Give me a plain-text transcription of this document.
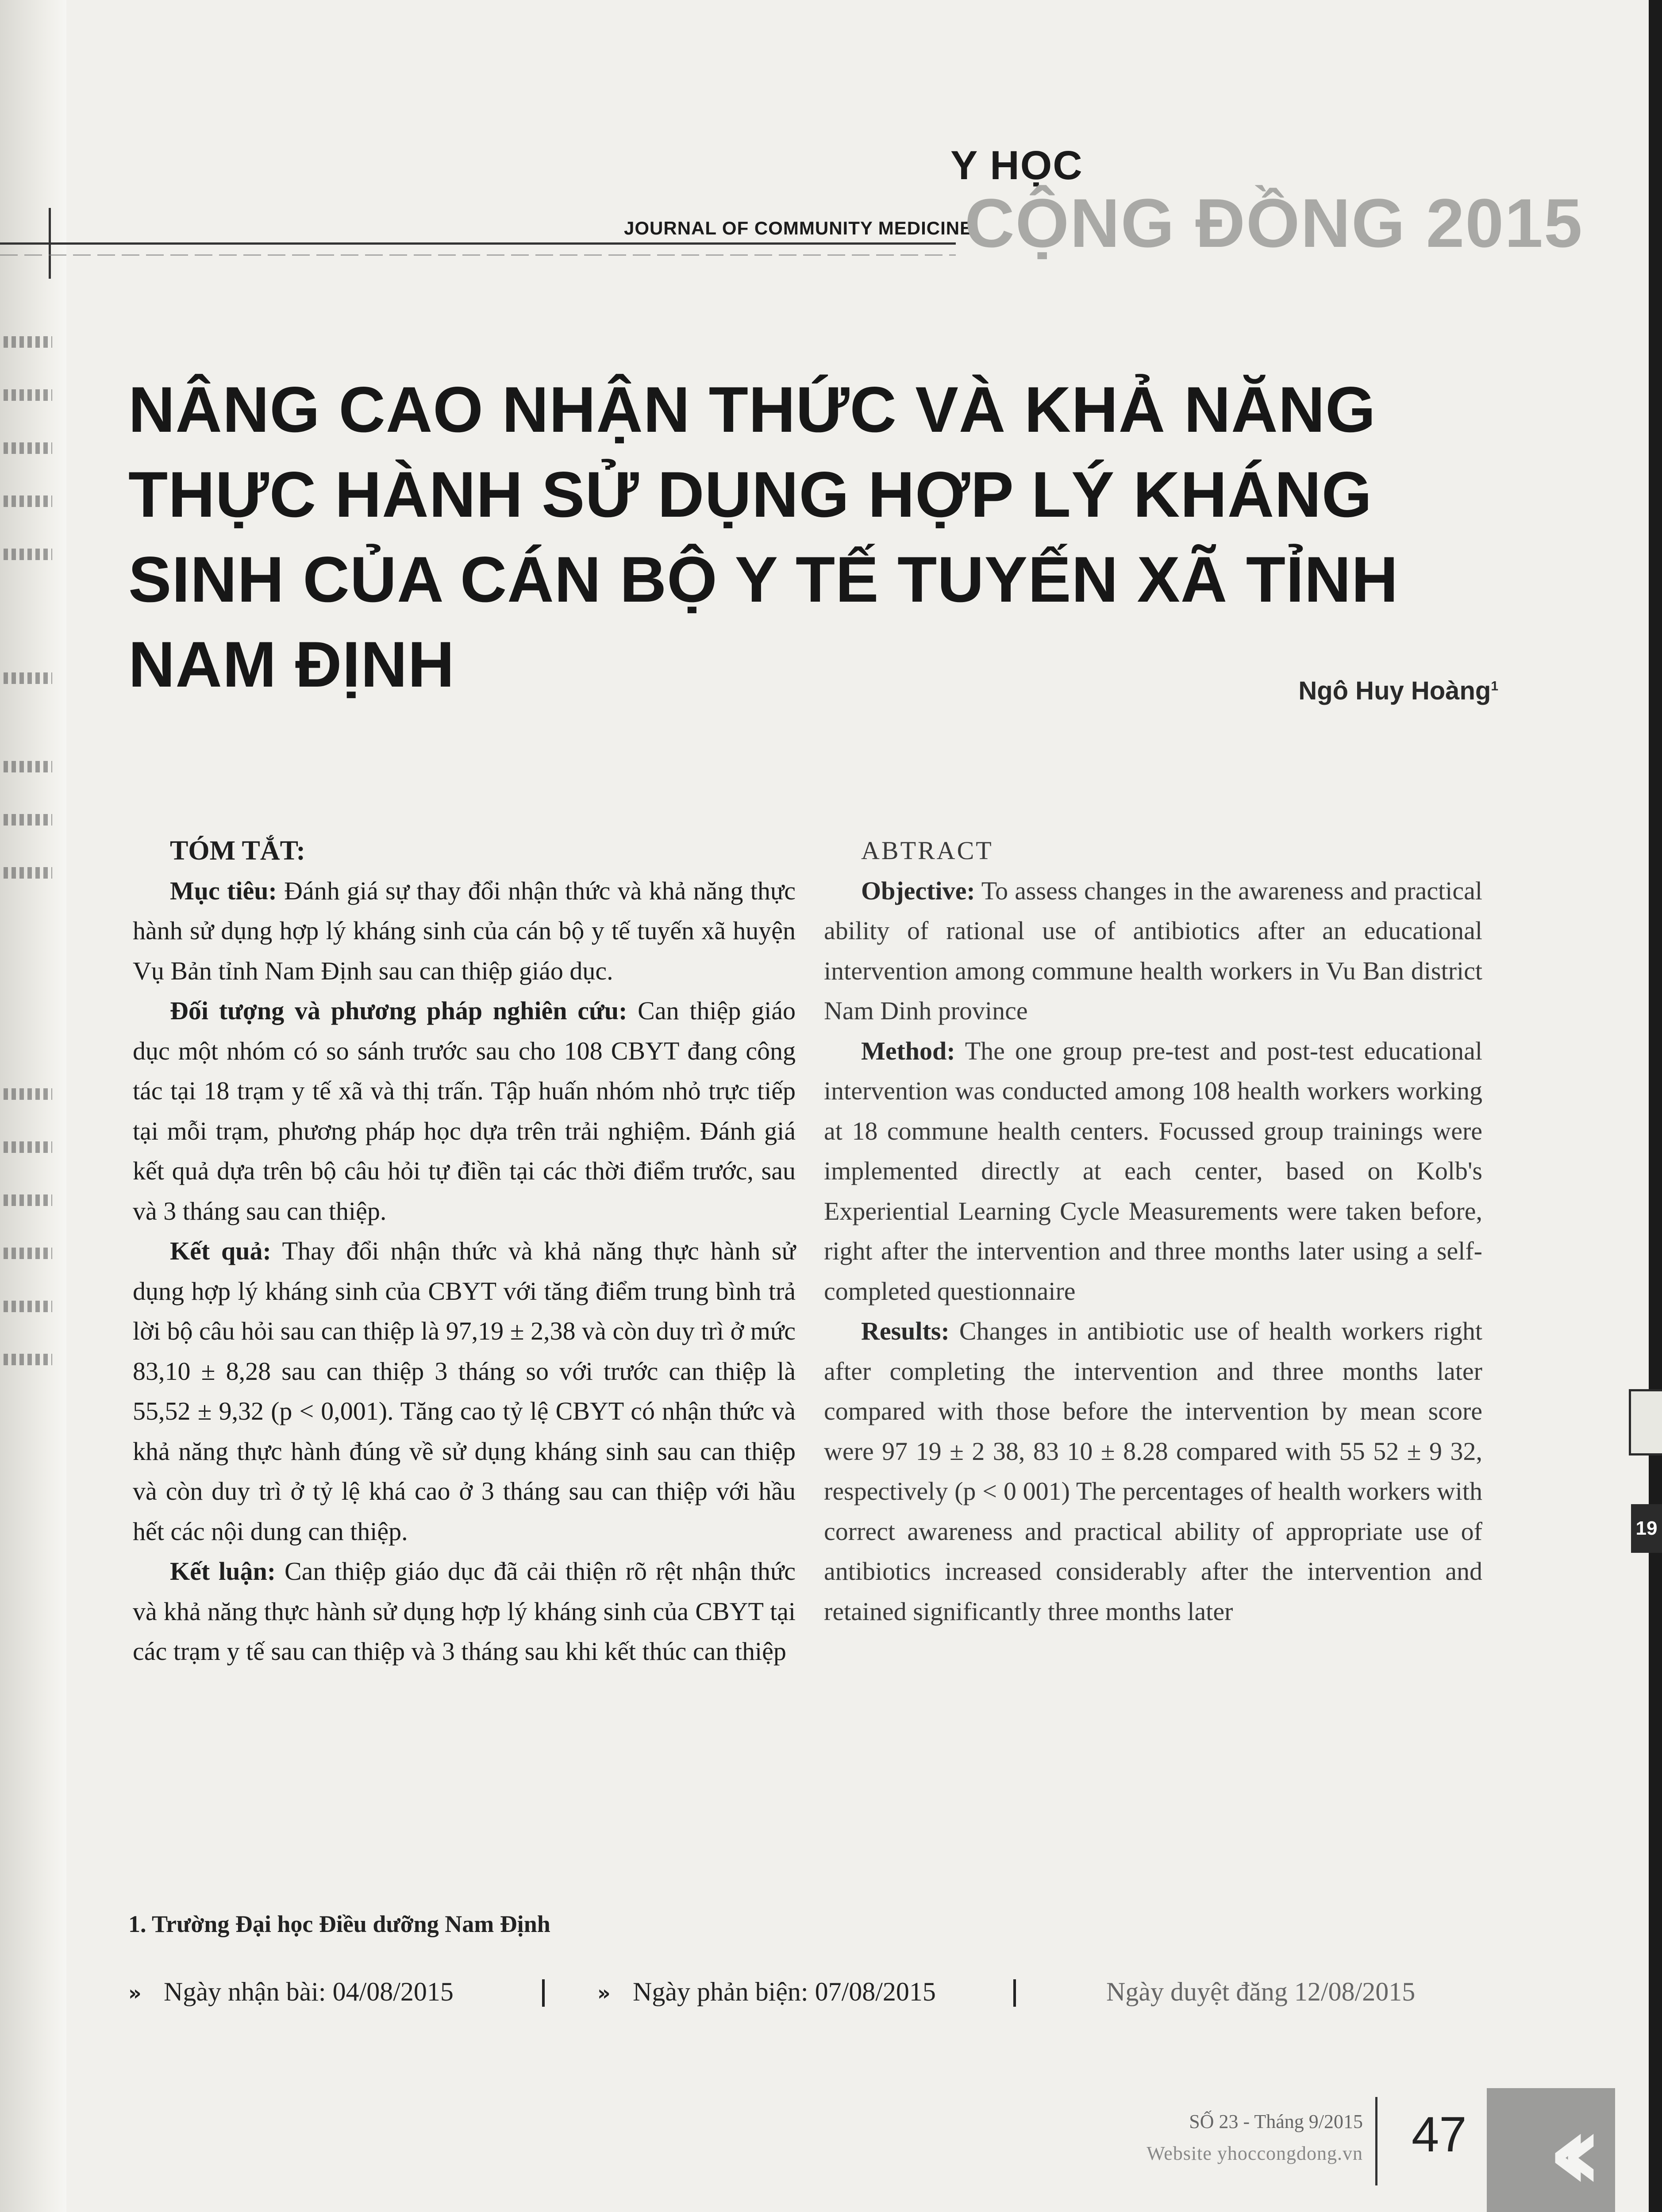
19
Y HỌC
JOURNAL OF COMMUNITY MEDICINE
CỘNG ĐỒNG 2015
NÂNG CAO NHẬN THỨC VÀ KHẢ NĂNG THỰC HÀNH SỬ DỤNG HỢP LÝ KHÁNG SINH CỦA CÁN BỘ Y TẾ TUYẾN XÃ TỈNH NAM ĐỊNH	Ngô Huy Hoàng$^1$

TÓM TẮT:

Mục tiêu: Đánh giá sự thay đổi nhận thức và khả năng thực hành sử dụng hợp lý kháng sinh của cán bộ y tế tuyến xã huyện Vụ Bản tỉnh Nam Định sau can thiệp giáo dục.

Đối tượng và phương pháp nghiên cứu: Can thiệp giáo dục một nhóm có so sánh trước sau cho 108 CBYT đang công tác tại 18 trạm y tế xã và thị trấn. Tập huấn nhóm nhỏ trực tiếp tại mỗi trạm, phương pháp học dựa trên trải nghiệm. Đánh giá kết quả dựa trên bộ câu hỏi tự điền tại các thời điểm trước, sau và 3 tháng sau can thiệp.

Kết quả: Thay đổi nhận thức và khả năng thực hành sử dụng hợp lý kháng sinh của CBYT với tăng điểm trung bình trả lời bộ câu hỏi sau can thiệp là 97,19 ± 2,38 và còn duy trì ở mức 83,10 ± 8,28 sau can thiệp 3 tháng so với trước can thiệp là 55,52 ± 9,32 (p < 0,001). Tăng cao tỷ lệ CBYT có nhận thức và khả năng thực hành đúng về sử dụng kháng sinh sau can thiệp và còn duy trì ở tỷ lệ khá cao ở 3 tháng sau can thiệp với hầu hết các nội dung can thiệp.

Kết luận: Can thiệp giáo dục đã cải thiện rõ rệt nhận thức và khả năng thực hành sử dụng hợp lý kháng sinh của CBYT tại các trạm y tế sau can thiệp và 3 tháng sau khi kết thúc can thiệp

ABTRACT

Objective: To assess changes in the awareness and practical ability of rational use of antibiotics after an educational intervention among commune health workers in Vu Ban district Nam Dinh province

Method: The one group pre-test and post-test educational intervention was conducted among 108 health workers working at 18 commune health centers. Focussed group trainings were implemented directly at each center, based on Kolb's Experiential Learning Cycle Measurements were taken before, right after the intervention and three months later using a self-completed questionnaire

Results: Changes in antibiotic use of health workers right after completing the intervention and three months later compared with those before the intervention by mean score were 97 19 ± 2 38, 83 10 ± 8.28 compared with 55 52 ± 9 32, respectively (p < 0 001) The percentages of health workers with correct awareness and practical ability of appropriate use of antibiotics increased considerably after the intervention and retained significantly three months later

1. Trường Đại học Điều dưỡng Nam Định
» Ngày nhận bài: 04/08/2015	» Ngày phản biện: 07/08/2015	Ngày duyệt đăng 12/08/2015
SỐ 23 - Tháng 9/2015
Website yhoccongdong.vn 47 ‹‹
